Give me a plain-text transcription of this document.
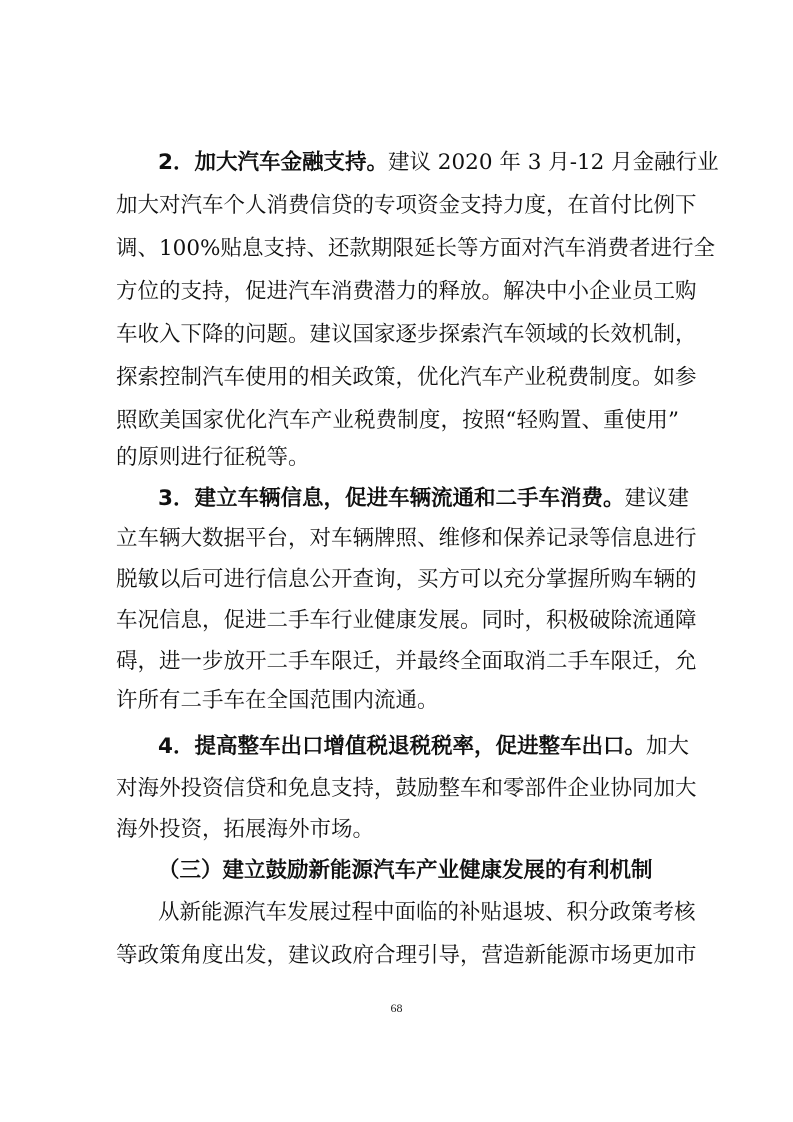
2．加大汽车金融支持。建议 2020 年 3 月-12 月金融行业
加大对汽车个人消费信贷的专项资金支持力度，在首付比例下
调、100%贴息支持、还款期限延长等方面对汽车消费者进行全
方位的支持，促进汽车消费潜力的释放。解决中小企业员工购
车收入下降的问题。建议国家逐步探索汽车领域的长效机制，
探索控制汽车使用的相关政策，优化汽车产业税费制度。如参
照欧美国家优化汽车产业税费制度，按照“轻购置、重使用”
的原则进行征税等。
3．建立车辆信息，促进车辆流通和二手车消费。建议建
立车辆大数据平台，对车辆牌照、维修和保养记录等信息进行
脱敏以后可进行信息公开查询，买方可以充分掌握所购车辆的
车况信息，促进二手车行业健康发展。同时，积极破除流通障
碍，进一步放开二手车限迁，并最终全面取消二手车限迁，允
许所有二手车在全国范围内流通。
4．提高整车出口增值税退税税率，促进整车出口。加大
对海外投资信贷和免息支持，鼓励整车和零部件企业协同加大
海外投资，拓展海外市场。
（三）建立鼓励新能源汽车产业健康发展的有利机制
从新能源汽车发展过程中面临的补贴退坡、积分政策考核
等政策角度出发，建议政府合理引导，营造新能源市场更加市
68
